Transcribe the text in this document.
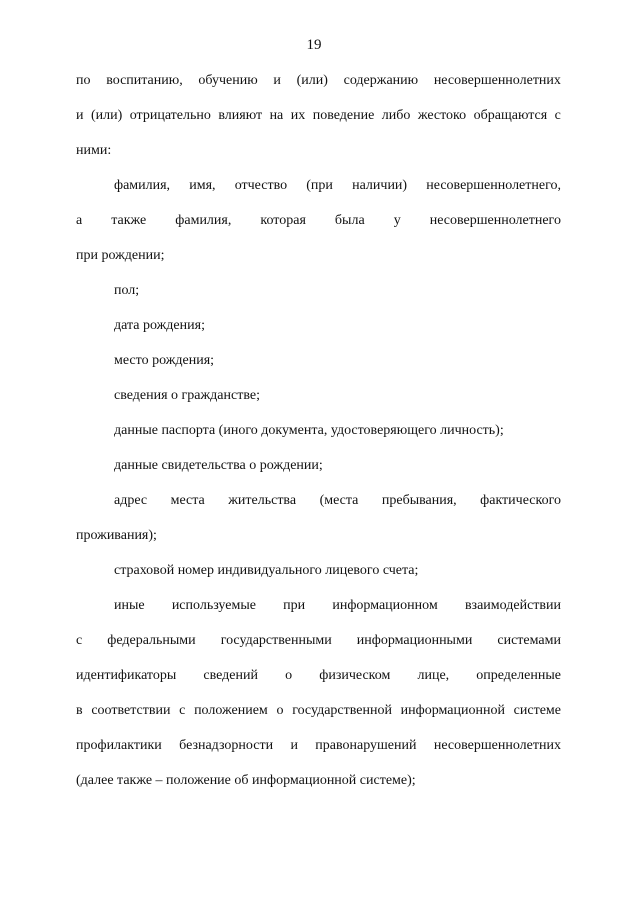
19
по воспитанию, обучению и (или) содержанию несовершеннолетних
и (или) отрицательно влияют на их поведение либо жестоко обращаются с
ними:
фамилия, имя, отчество (при наличии) несовершеннолетнего,
а также фамилия, которая была у несовершеннолетнего
при рождении;
пол;
дата рождения;
место рождения;
сведения о гражданстве;
данные паспорта (иного документа, удостоверяющего личность);
данные свидетельства о рождении;
адрес места жительства (места пребывания, фактического
проживания);
страховой номер индивидуального лицевого счета;
иные используемые при информационном взаимодействии
с федеральными государственными информационными системами
идентификаторы сведений о физическом лице, определенные
в соответствии с положением о государственной информационной системе
профилактики безнадзорности и правонарушений несовершеннолетних
(далее также – положение об информационной системе);
